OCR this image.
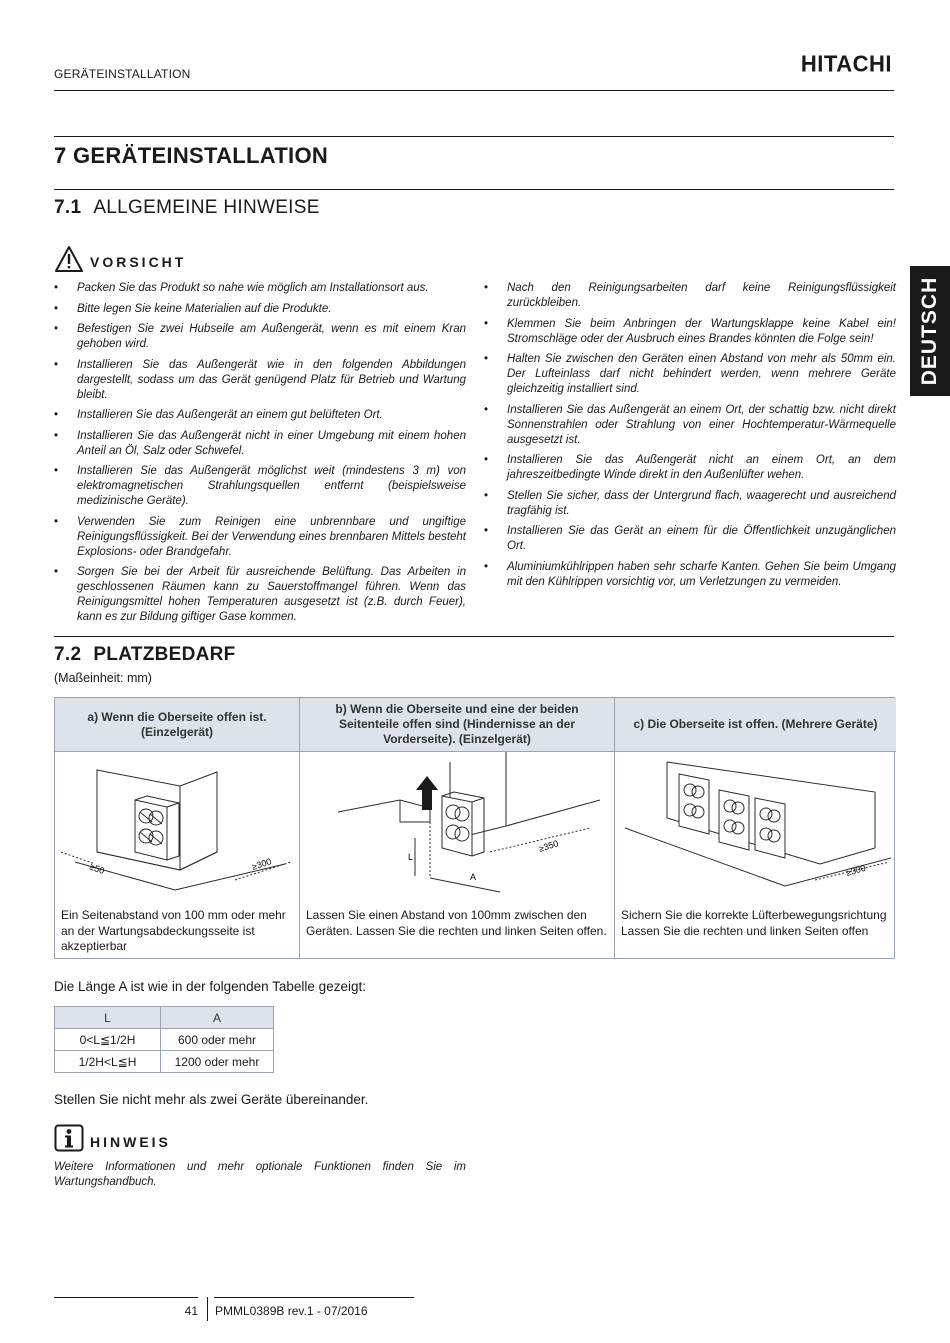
GERÄTEINSTALLATION	HITACHI
DEUTSCH
7 GERÄTEINSTALLATION
7.1 ALLGEMEINE HINWEISE
VORSICHT
• Packen Sie das Produkt so nahe wie möglich am Installationsort aus.
• Bitte legen Sie keine Materialien auf die Produkte.
• Befestigen Sie zwei Hubseile am Außengerät, wenn es mit einem Kran gehoben wird.
• Installieren Sie das Außengerät wie in den folgenden Abbildungen dargestellt, sodass um das Gerät genügend Platz für Betrieb und Wartung bleibt.
• Installieren Sie das Außengerät an einem gut belüfteten Ort.
• Installieren Sie das Außengerät nicht in einer Umgebung mit einem hohen Anteil an Öl, Salz oder Schwefel.
• Installieren Sie das Außengerät möglichst weit (mindestens 3 m) von elektromagnetischen Strahlungsquellen entfernt (beispielsweise medizinische Geräte).
• Verwenden Sie zum Reinigen eine unbrennbare und ungiftige Reinigungsflüssigkeit. Bei der Verwendung eines brennbaren Mittels besteht Explosions- oder Brandgefahr.
• Sorgen Sie bei der Arbeit für ausreichende Belüftung. Das Arbeiten in geschlossenen Räumen kann zu Sauerstoffmangel führen. Wenn das Reinigungsmittel hohen Temperaturen ausgesetzt ist (z.B. durch Feuer), kann es zur Bildung giftiger Gase kommen.
• Nach den Reinigungsarbeiten darf keine Reinigungsflüssigkeit zurückbleiben.
• Klemmen Sie beim Anbringen der Wartungsklappe keine Kabel ein! Stromschläge oder der Ausbruch eines Brandes könnten die Folge sein!
• Halten Sie zwischen den Geräten einen Abstand von mehr als 50mm ein. Der Lufteinlass darf nicht behindert werden, wenn mehrere Geräte gleichzeitig installiert sind.
• Installieren Sie das Außengerät an einem Ort, der schattig bzw. nicht direkt Sonnenstrahlen oder Strahlung von einer Hochtemperatur-Wärmequelle ausgesetzt ist.
• Installieren Sie das Außengerät nicht an einem Ort, an dem jahreszeitbedingte Winde direkt in den Außenlüfter wehen.
• Stellen Sie sicher, dass der Untergrund flach, waagerecht und ausreichend tragfähig ist.
• Installieren Sie das Gerät an einem für die Öffentlichkeit unzugänglichen Ort.
• Aluminiumkühlrippen haben sehr scharfe Kanten. Gehen Sie beim Umgang mit den Kühlrippen vorsichtig vor, um Verletzungen zu vermeiden.
7.2 PLATZBEDARF
(Maßeinheit: mm)
a) Wenn die Oberseite offen ist. (Einzelgerät)
b) Wenn die Oberseite und eine der beiden Seitenteile offen sind (Hindernisse an der Vorderseite). (Einzelgerät)
c) Die Oberseite ist offen. (Mehrere Geräte)
≥50	≥300
Ein Seitenabstand von 100 mm oder mehr an der Wartungsabdeckungsseite ist akzeptierbar
L
A
≥350
Lassen Sie einen Abstand von 100mm zwischen den Geräten. Lassen Sie die rechten und linken Seiten offen.
≥300
Sichern Sie die korrekte Lüfterbewegungsrichtung Lassen Sie die rechten und linken Seiten offen
Die Länge A ist wie in der folgenden Tabelle gezeigt:
L	A
0<L≦1/2H	600 oder mehr
1/2H<L≦H	1200 oder mehr
Stellen Sie nicht mehr als zwei Geräte übereinander.
HINWEIS
Weitere Informationen und mehr optionale Funktionen finden Sie im Wartungshandbuch.
41 PMML0389B rev.1 - 07/2016
